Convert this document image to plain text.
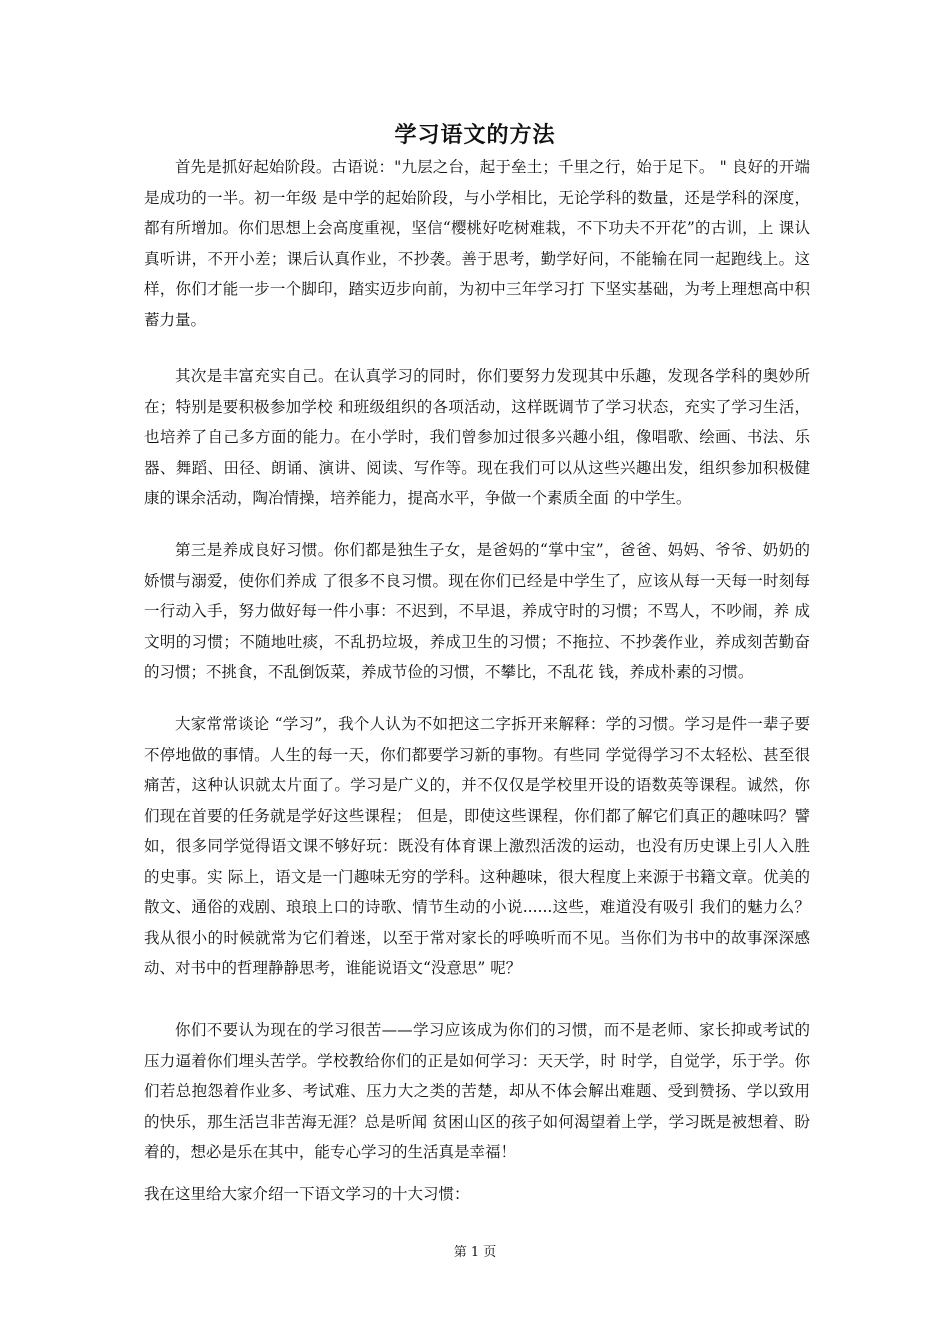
学习语文的方法

首先是抓好起始阶段。古语说："九层之台，起于垒土；千里之行，始于足下。 " 良好的开端是成功的一半。初一年级 是中学的起始阶段，与小学相比，无论学科的数量，还是学科的深度，都有所增加。你们思想上会高度重视，坚信“樱桃好吃树难栽，不下功夫不开花”的古训，上 课认真听讲，不开小差；课后认真作业，不抄袭。善于思考，勤学好问，不能输在同一起跑线上。这样，你们才能一步一个脚印，踏实迈步向前，为初中三年学习打 下坚实基础，为考上理想高中积蓄力量。

其次是丰富充实自己。在认真学习的同时，你们要努力发现其中乐趣，发现各学科的奥妙所在；特别是要积极参加学校 和班级组织的各项活动，这样既调节了学习状态，充实了学习生活，也培养了自己多方面的能力。在小学时，我们曾参加过很多兴趣小组，像唱歌、绘画、书法、乐 器、舞蹈、田径、朗诵、演讲、阅读、写作等。现在我们可以从这些兴趣出发，组织参加积极健康的课余活动，陶冶情操，培养能力，提高水平，争做一个素质全面 的中学生。

第三是养成良好习惯。你们都是独生子女，是爸妈的“掌中宝”，爸爸、妈妈、爷爷、奶奶的娇惯与溺爱，使你们养成 了很多不良习惯。现在你们已经是中学生了，应该从每一天每一时刻每一行动入手，努力做好每一件小事：不迟到，不早退，养成守时的习惯；不骂人，不吵闹，养 成文明的习惯；不随地吐痰，不乱扔垃圾，养成卫生的习惯；不拖拉、不抄袭作业，养成刻苦勤奋的习惯；不挑食，不乱倒饭菜，养成节俭的习惯，不攀比，不乱花 钱，养成朴素的习惯。

大家常常谈论 “学习”，我个人认为不如把这二字拆开来解释：学的习惯。学习是件一辈子要不停地做的事情。人生的每一天，你们都要学习新的事物。有些同 学觉得学习不太轻松、甚至很痛苦，这种认识就太片面了。学习是广义的，并不仅仅是学校里开设的语数英等课程。诚然，你们现在首要的任务就是学好这些课程； 但是，即使这些课程，你们都了解它们真正的趣味吗？譬如，很多同学觉得语文课不够好玩：既没有体育课上激烈活泼的运动，也没有历史课上引人入胜的史事。实 际上，语文是一门趣味无穷的学科。这种趣味，很大程度上来源于书籍文章。优美的散文、通俗的戏剧、琅琅上口的诗歌、情节生动的小说......这些，难道没有吸引 我们的魅力么？我从很小的时候就常为它们着迷，以至于常对家长的呼唤听而不见。当你们为书中的故事深深感动、对书中的哲理静静思考，谁能说语文“没意思” 呢？

你们不要认为现在的学习很苦——学习应该成为你们的习惯，而不是老师、家长抑或考试的压力逼着你们埋头苦学。学校教给你们的正是如何学习：天天学，时 时学，自觉学，乐于学。你们若总抱怨着作业多、考试难、压力大之类的苦楚，却从不体会解出难题、受到赞扬、学以致用的快乐，那生活岂非苦海无涯？总是听闻 贫困山区的孩子如何渴望着上学，学习既是被想着、盼着的，想必是乐在其中，能专心学习的生活真是幸福！

我在这里给大家介绍一下语文学习的十大习惯：

第 1 页
